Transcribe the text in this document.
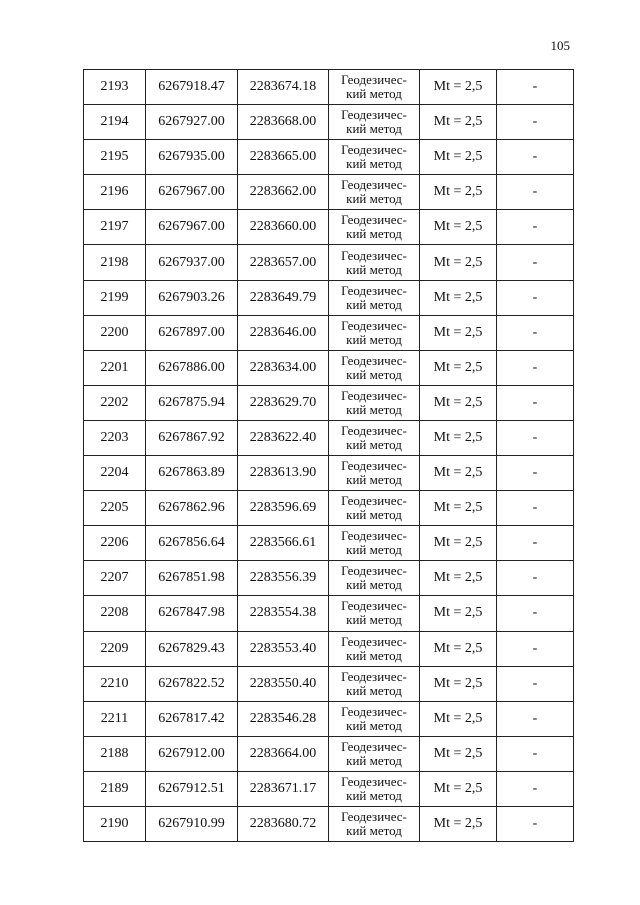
105
2193	6267918.47	2283674.18	Геодезичес-
кий метод	Mt = 2,5	-
2194	6267927.00	2283668.00	Геодезичес-
кий метод	Mt = 2,5	-
2195	6267935.00	2283665.00	Геодезичес-
кий метод	Mt = 2,5	-
2196	6267967.00	2283662.00	Геодезичес-
кий метод	Mt = 2,5	-
2197	6267967.00	2283660.00	Геодезичес-
кий метод	Mt = 2,5	-
2198	6267937.00	2283657.00	Геодезичес-
кий метод	Mt = 2,5	-
2199	6267903.26	2283649.79	Геодезичес-
кий метод	Mt = 2,5	-
2200	6267897.00	2283646.00	Геодезичес-
кий метод	Mt = 2,5	-
2201	6267886.00	2283634.00	Геодезичес-
кий метод	Mt = 2,5	-
2202	6267875.94	2283629.70	Геодезичес-
кий метод	Mt = 2,5	-
2203	6267867.92	2283622.40	Геодезичес-
кий метод	Mt = 2,5	-
2204	6267863.89	2283613.90	Геодезичес-
кий метод	Mt = 2,5	-
2205	6267862.96	2283596.69	Геодезичес-
кий метод	Mt = 2,5	-
2206	6267856.64	2283566.61	Геодезичес-
кий метод	Mt = 2,5	-
2207	6267851.98	2283556.39	Геодезичес-
кий метод	Mt = 2,5	-
2208	6267847.98	2283554.38	Геодезичес-
кий метод	Mt = 2,5	-
2209	6267829.43	2283553.40	Геодезичес-
кий метод	Mt = 2,5	-
2210	6267822.52	2283550.40	Геодезичес-
кий метод	Mt = 2,5	-
2211	6267817.42	2283546.28	Геодезичес-
кий метод	Mt = 2,5	-
2188	6267912.00	2283664.00	Геодезичес-
кий метод	Mt = 2,5	-
2189	6267912.51	2283671.17	Геодезичес-
кий метод	Mt = 2,5	-
2190	6267910.99	2283680.72	Геодезичес-
кий метод	Mt = 2,5	-
